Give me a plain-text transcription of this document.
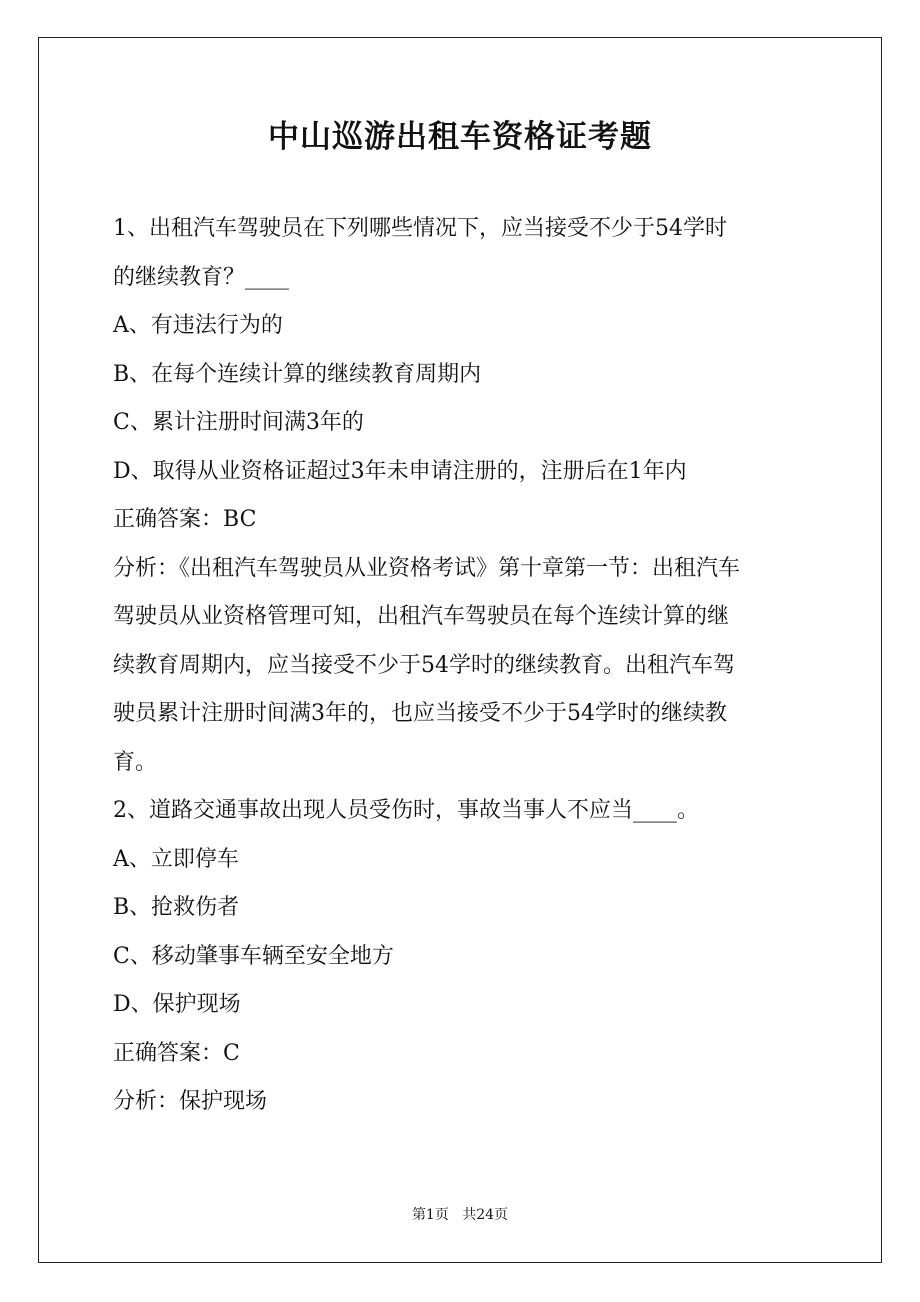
中山巡游出租车资格证考题
1、出租汽车驾驶员在下列哪些情况下，应当接受不少于54学时
的继续教育？____
A、有违法行为的
B、在每个连续计算的继续教育周期内
C、累计注册时间满3年的
D、取得从业资格证超过3年未申请注册的，注册后在1年内
正确答案：BC
分析：《出租汽车驾驶员从业资格考试》第十章第一节：出租汽车
驾驶员从业资格管理可知，出租汽车驾驶员在每个连续计算的继
续教育周期内，应当接受不少于54学时的继续教育。出租汽车驾
驶员累计注册时间满3年的，也应当接受不少于54学时的继续教
育。
2、道路交通事故出现人员受伤时，事故当事人不应当____。
A、立即停车
B、抢救伤者
C、移动肇事车辆至安全地方
D、保护现场
正确答案：C
分析：保护现场
第1页 共24页
